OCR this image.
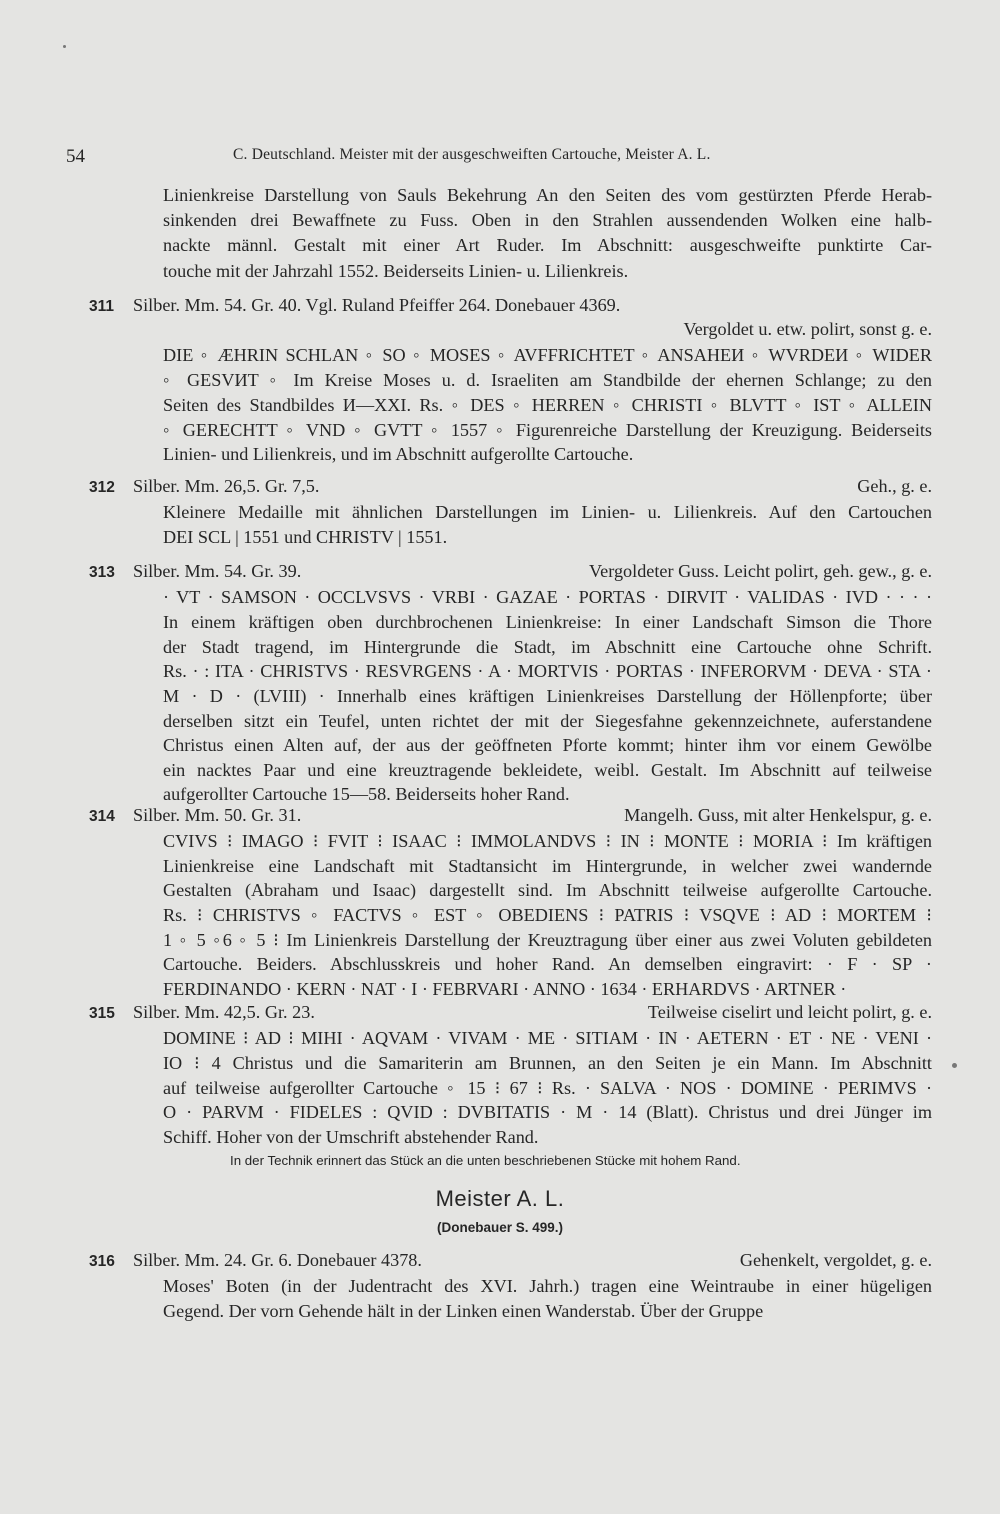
54	C. Deutschland. Meister mit der ausgeschweiften Cartouche, Meister A. L.
Linienkreise Darstellung von Sauls Bekehrung An den Seiten des vom gestürzten Pferde Herab-
sinkenden drei Bewaffnete zu Fuss. Oben in den Strahlen aussendenden Wolken eine halb-
nackte männl. Gestalt mit einer Art Ruder. Im Abschnitt: ausgeschweifte punktirte Car-
touche mit der Jahrzahl 1552. Beiderseits Linien- u. Lilienkreis.
311 Silber. Mm. 54. Gr. 40. Vgl. Ruland Pfeiffer 264. Donebauer 4369.
Vergoldet u. etw. polirt, sonst g. e.
DIE ◦ ÆHRIN SCHLAN ◦ SO ◦ MOSES ◦ AVFFRICHTET ◦ ANSAHEИ ◦ WVRDEИ ◦ WIDER
◦ GESVИT ◦ Im Kreise Moses u. d. Israeliten am Standbilde der ehernen Schlange; zu den
Seiten des Standbildes И—XXI. Rs. ◦ DES ◦ HERREN ◦ CHRISTI ◦ BLVTT ◦ IST ◦ ALLEIN
◦ GERECHTT ◦ VND ◦ GVTT ◦ 1557 ◦ Figurenreiche Darstellung der Kreuzigung. Beiderseits
Linien- und Lilienkreis, und im Abschnitt aufgerollte Cartouche.
312 Silber. Mm. 26,5. Gr. 7,5.	Geh., g. e.
Kleinere Medaille mit ähnlichen Darstellungen im Linien- u. Lilienkreis. Auf den Cartouchen
DEI SCL | 1551 und CHRISTV | 1551.
313 Silber. Mm. 54. Gr. 39.	Vergoldeter Guss. Leicht polirt, geh. gew., g. e.
· VT · SAMSON · OCCLVSVS · VRBI · GAZAE · PORTAS · DIRVIT · VALIDAS · IVD · · · ·
In einem kräftigen oben durchbrochenen Linienkreise: In einer Landschaft Simson die Thore
der Stadt tragend, im Hintergrunde die Stadt, im Abschnitt eine Cartouche ohne Schrift.
Rs. · : ITA · CHRISTVS · RESVRGENS · A · MORTVIS · PORTAS · INFERORVM · DEVA · STA ·
M · D · (LVIII) · Innerhalb eines kräftigen Linienkreises Darstellung der Höllenpforte; über
derselben sitzt ein Teufel, unten richtet der mit der Siegesfahne gekennzeichnete, auferstandene
Christus einen Alten auf, der aus der geöffneten Pforte kommt; hinter ihm vor einem Gewölbe
ein nacktes Paar und eine kreuztragende bekleidete, weibl. Gestalt. Im Abschnitt auf teilweise
aufgerollter Cartouche 15—58. Beiderseits hoher Rand.
314 Silber. Mm. 50. Gr. 31.	Mangelh. Guss, mit alter Henkelspur, g. e.
CVIVS ⁝ IMAGO ⁝ FVIT ⁝ ISAAC ⁝ IMMOLANDVS ⁝ IN ⁝ MONTE ⁝ MORIA ⁝ Im kräftigen
Linienkreise eine Landschaft mit Stadtansicht im Hintergrunde, in welcher zwei wandernde
Gestalten (Abraham und Isaac) dargestellt sind. Im Abschnitt teilweise aufgerollte Cartouche.
Rs. ⁝ CHRISTVS ◦ FACTVS ◦ EST ◦ OBEDIENS ⁝ PATRIS ⁝ VSQVE ⁝ AD ⁝ MORTEM ⁝
1 ◦ 5 ◦6 ◦ 5 ⁝ Im Linienkreis Darstellung der Kreuztragung über einer aus zwei Voluten gebildeten
Cartouche. Beiders. Abschlusskreis und hoher Rand. An demselben eingravirt: · F · SP ·
FERDINANDO · KERN · NAT · I · FEBRVARI · ANNO · 1634 · ERHARDVS · ARTNER ·
315 Silber. Mm. 42,5. Gr. 23.	Teilweise ciselirt und leicht polirt, g. e.
DOMINE ⁝ AD ⁝ MIHI · AQVAM · VIVAM · ME · SITIAM · IN · AETERN · ET · NE · VENI ·
IO ⁝ 4 Christus und die Samariterin am Brunnen, an den Seiten je ein Mann. Im Abschnitt
auf teilweise aufgerollter Cartouche ◦ 15 ⁝ 67 ⁝ Rs. · SALVA · NOS · DOMINE · PERIMVS ·
O · PARVM · FIDELES : QVID : DVBITATIS · M · 14 (Blatt). Christus und drei Jünger im
Schiff. Hoher von der Umschrift abstehender Rand.
In der Technik erinnert das Stück an die unten beschriebenen Stücke mit hohem Rand.
Meister A. L.
(Donebauer S. 499.)
316 Silber. Mm. 24. Gr. 6. Donebauer 4378.	Gehenkelt, vergoldet, g. e.
Moses' Boten (in der Judentracht des XVI. Jahrh.) tragen eine Weintraube in einer hügeligen
Gegend. Der vorn Gehende hält in der Linken einen Wanderstab. Über der Gruppe
